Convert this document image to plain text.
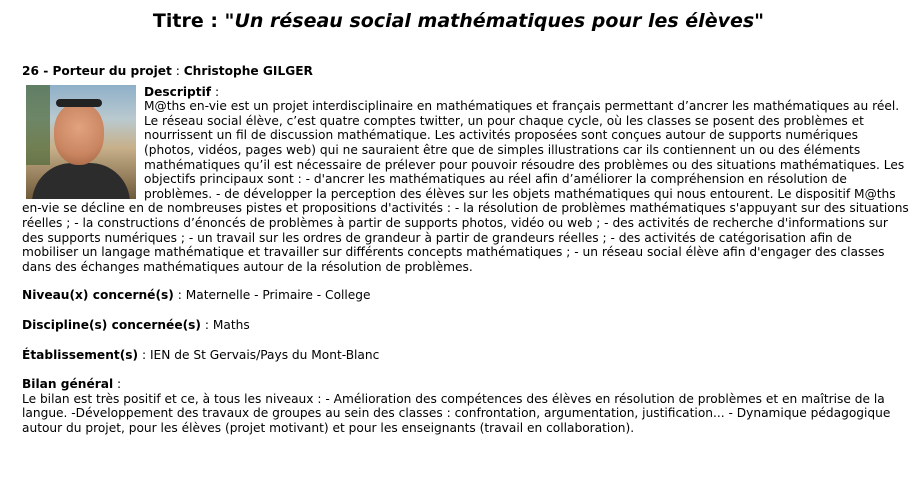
Titre : "Un réseau social mathématiques pour les élèves"
26 - Porteur du projet : Christophe GILGER

Descriptif :
M@ths en-vie est un projet interdisciplinaire en mathématiques et français permettant d’ancrer les mathématiques au réel. Le réseau social élève, c’est quatre comptes twitter, un pour chaque cycle, où les classes se posent des problèmes et nourrissent un fil de discussion mathématique. Les activités proposées sont conçues autour de supports numériques (photos, vidéos, pages web) qui ne sauraient être que de simples illustrations car ils contiennent un ou des éléments mathématiques qu’il est nécessaire de prélever pour pouvoir résoudre des problèmes ou des situations mathématiques. Les objectifs principaux sont : - d'ancrer les mathématiques au réel afin d’améliorer la compréhension en résolution de problèmes. - de développer la perception des élèves sur les objets mathématiques qui nous entourent. Le dispositif M@ths en-vie se décline en de nombreuses pistes et propositions d'activités : - la résolution de problèmes mathématiques s'appuyant sur des situations réelles ; - la constructions d’énoncés de problèmes à partir de supports photos, vidéo ou web ; - des activités de recherche d'informations sur des supports numériques ; - un travail sur les ordres de grandeur à partir de grandeurs réelles ; - des activités de catégorisation afin de mobiliser un langage mathématique et travailler sur différents concepts mathématiques ; - un réseau social élève afin d'engager des classes dans des échanges mathématiques autour de la résolution de problèmes.

Niveau(x) concerné(s) : Maternelle - Primaire - College
Discipline(s) concernée(s) : Maths
Établissement(s) : IEN de St Gervais/Pays du Mont-Blanc
Bilan général :
Le bilan est très positif et ce, à tous les niveaux : - Amélioration des compétences des élèves en résolution de problèmes et en maîtrise de la langue. -Développement des travaux de groupes au sein des classes : confrontation, argumentation, justification... - Dynamique pédagogique autour du projet, pour les élèves (projet motivant) et pour les enseignants (travail en collaboration).
